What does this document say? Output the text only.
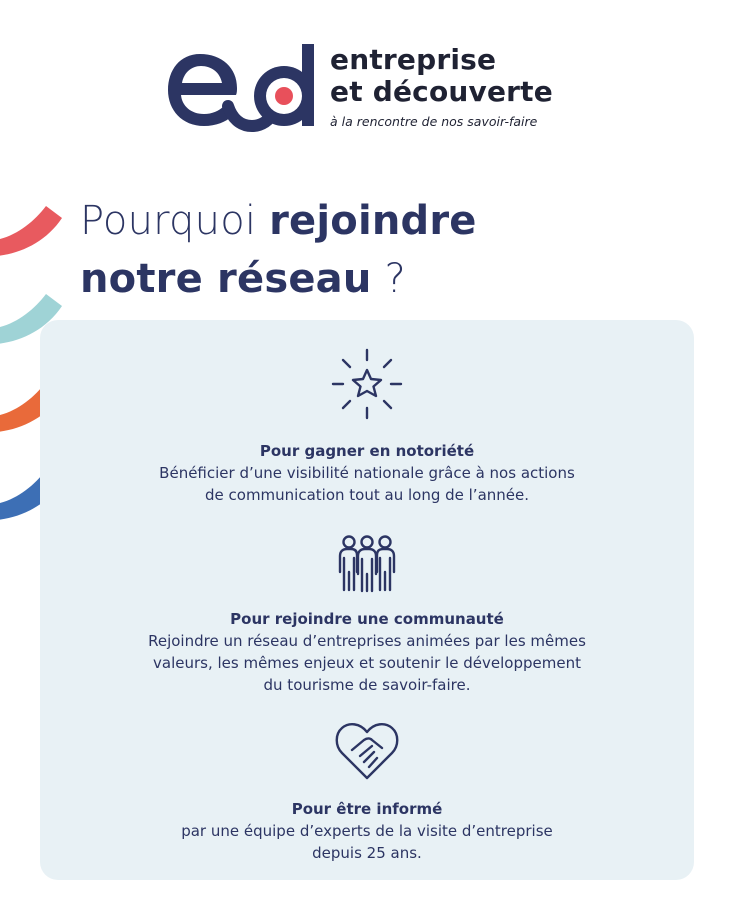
entreprise
et découverte
à la rencontre de nos savoir-faire
Pourquoi rejoindre
notre réseau ?
Pour gagner en notoriété
Bénéficier d’une visibilité nationale grâce à nos actions
de communication tout au long de l’année.
Pour rejoindre une communauté
Rejoindre un réseau d’entreprises animées par les mêmes
valeurs, les mêmes enjeux et soutenir le développement
du tourisme de savoir-faire.
Pour être informé
par une équipe d’experts de la visite d’entreprise
depuis 25 ans.
